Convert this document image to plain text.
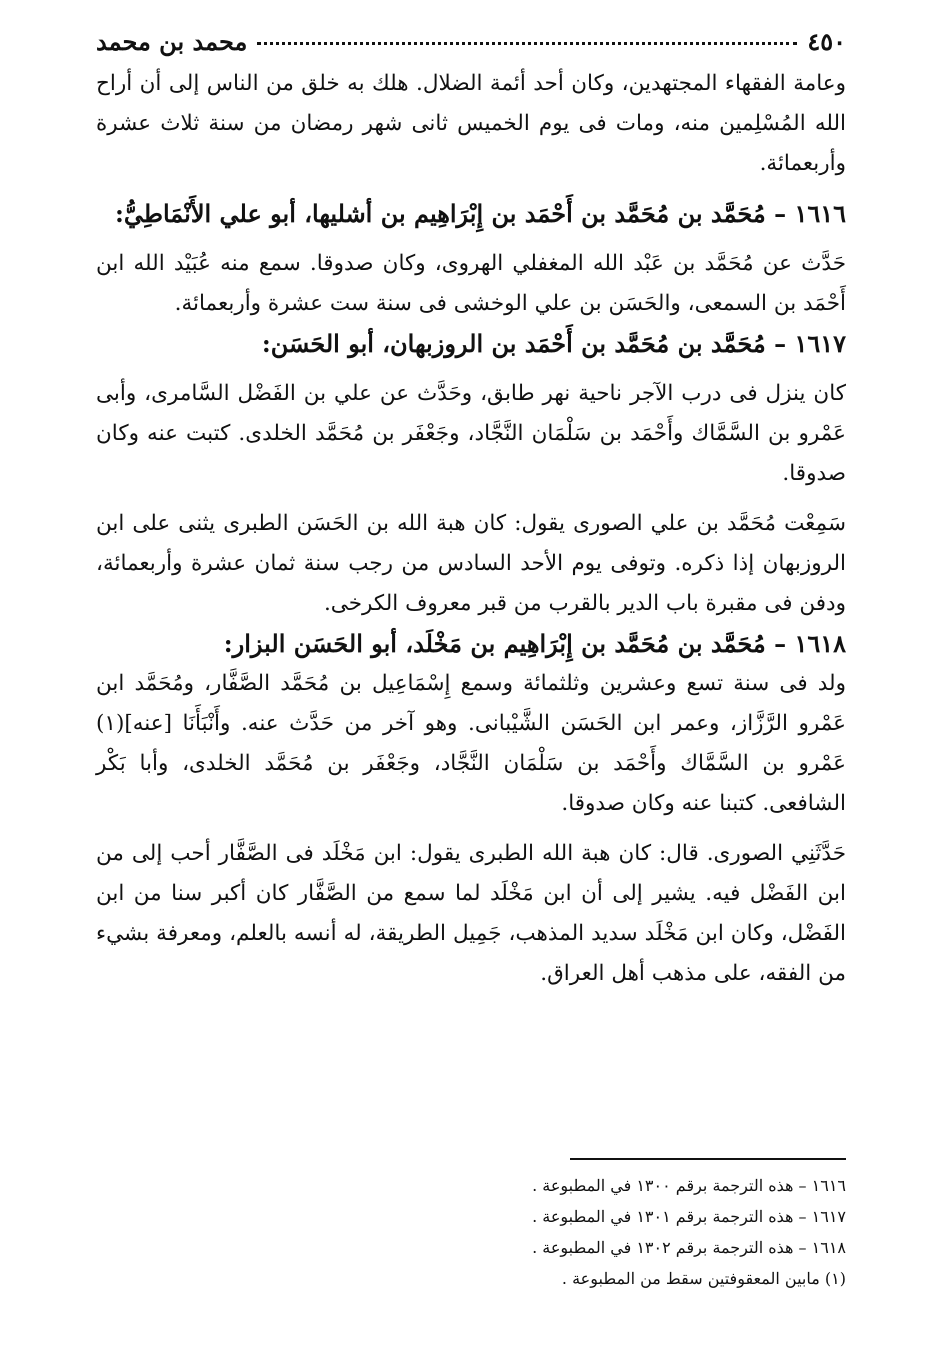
٤٥٠
محمد بن محمد

وعامة الفقهاء المجتهدين، وكان أحد أئمة الضلال. هلك به خلق من الناس إلى أن أراح الله المُسْلِمين منه، ومات فى يوم الخميس ثانى شهر رمضان من سنة ثلاث عشرة وأربعمائة.

١٦١٦ – مُحَمَّد بن مُحَمَّد بن أَحْمَد بن إِبْرَاهِيم بن أشليها، أبو علي الأَنْمَاطِيُّ:

حَدَّث عن مُحَمَّد بن عَبْد الله المغفلي الهروى، وكان صدوقا. سمع منه عُبَيْد الله ابن أَحْمَد بن السمعى، والحَسَن بن علي الوخشى فى سنة ست عشرة وأربعمائة.

١٦١٧ – مُحَمَّد بن مُحَمَّد بن أَحْمَد بن الروزبهان، أبو الحَسَن:

كان ينزل فى درب الآجر ناحية نهر طابق، وحَدَّث عن علي بن الفَضْل السَّامرى، وأبى عَمْرو بن السَّمَّاك وأَحْمَد بن سَلْمَان النَّجَّاد، وجَعْفَر بن مُحَمَّد الخلدى. كتبت عنه وكان صدوقا.

سَمِعْت مُحَمَّد بن علي الصورى يقول: كان هبة الله بن الحَسَن الطبرى يثنى على ابن الروزبهان إذا ذكره. وتوفى يوم الأحد السادس من رجب سنة ثمان عشرة وأربعمائة، ودفن فى مقبرة باب الدير بالقرب من قبر معروف الكرخى.

١٦١٨ – مُحَمَّد بن مُحَمَّد بن إِبْرَاهِيم بن مَخْلَد، أبو الحَسَن البزار:

ولد فى سنة تسع وعشرين وثلثمائة وسمع إِسْمَاعِيل بن مُحَمَّد الصَّفَّار، ومُحَمَّد ابن عَمْرو الرَّزَّاز، وعمر ابن الحَسَن الشَّيْبانى. وهو آخر من حَدَّث عنه. وأَنْبَأَنَا [عنه](١) عَمْرو بن السَّمَّاك وأَحْمَد بن سَلْمَان النَّجَّاد، وجَعْفَر بن مُحَمَّد الخلدى، وأبا بَكْر الشافعى. كتبنا عنه وكان صدوقا.

حَدَّثَنِي الصورى. قال: كان هبة الله الطبرى يقول: ابن مَخْلَد فى الصَّفَّار أحب إلى من ابن الفَضْل فيه. يشير إلى أن ابن مَخْلَد لما سمع من الصَّفَّار كان أكبر سنا من ابن الفَضْل، وكان ابن مَخْلَد سديد المذهب، جَمِيل الطريقة، له أنسه بالعلم، ومعرفة بشيء من الفقه، على مذهب أهل العراق.

١٦١٦ – هذه الترجمة برقم ١٣٠٠ في المطبوعة .

١٦١٧ – هذه الترجمة برقم ١٣٠١ في المطبوعة .

١٦١٨ – هذه الترجمة برقم ١٣٠٢ في المطبوعة .

(١) مابين المعقوفتين سقط من المطبوعة .
